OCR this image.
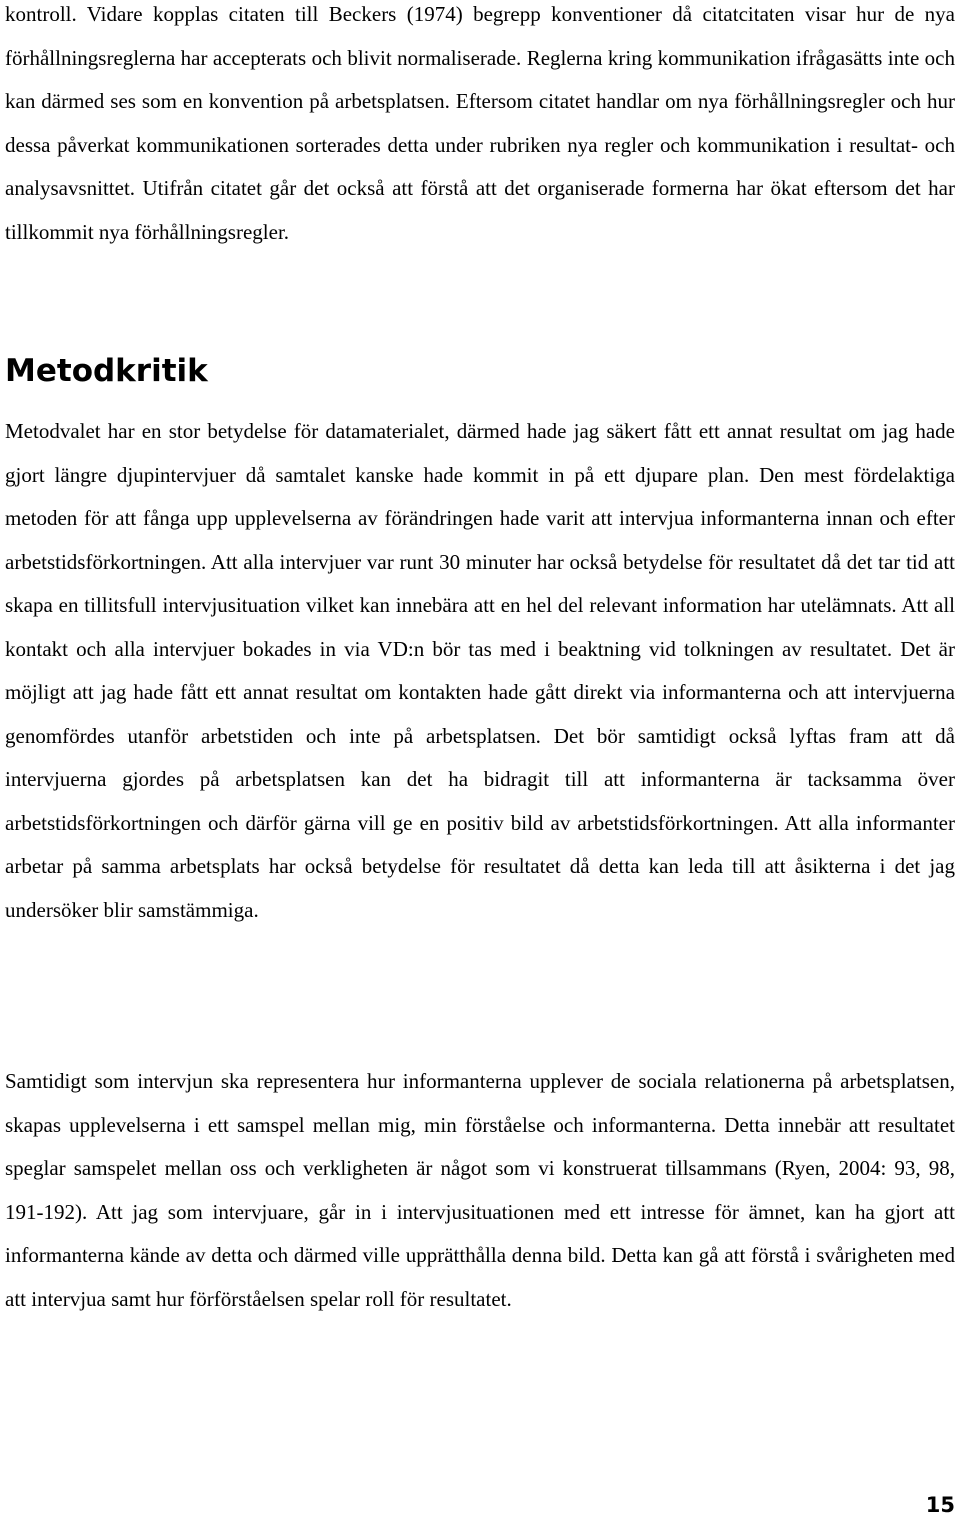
kontroll. Vidare kopplas citaten till Beckers (1974) begrepp konventioner då citatcitaten visar hur de nya förhållningsreglerna har accepterats och blivit normaliserade. Reglerna kring kommunikation ifrågasätts inte och kan därmed ses som en konvention på arbetsplatsen. Eftersom citatet handlar om nya förhållningsregler och hur dessa påverkat kommunikationen sorterades detta under rubriken nya regler och kommunikation i resultat- och analysavsnittet. Utifrån citatet går det också att förstå att det organiserade formerna har ökat eftersom det har tillkommit nya förhållningsregler.

Metodkritik

Metodvalet har en stor betydelse för datamaterialet, därmed hade jag säkert fått ett annat resultat om jag hade gjort längre djupintervjuer då samtalet kanske hade kommit in på ett djupare plan. Den mest fördelaktiga metoden för att fånga upp upplevelserna av förändringen hade varit att intervjua informanterna innan och efter arbetstidsförkortningen. Att alla intervjuer var runt 30 minuter har också betydelse för resultatet då det tar tid att skapa en tillitsfull intervjusituation vilket kan innebära att en hel del relevant information har utelämnats. Att all kontakt och alla intervjuer bokades in via VD:n bör tas med i beaktning vid tolkningen av resultatet. Det är möjligt att jag hade fått ett annat resultat om kontakten hade gått direkt via informanterna och att intervjuerna genomfördes utanför arbetstiden och inte på arbetsplatsen. Det bör samtidigt också lyftas fram att då intervjuerna gjordes på arbetsplatsen kan det ha bidragit till att informanterna är tacksamma över arbetstidsförkortningen och därför gärna vill ge en positiv bild av arbetstidsförkortningen. Att alla informanter arbetar på samma arbetsplats har också betydelse för resultatet då detta kan leda till att åsikterna i det jag undersöker blir samstämmiga.

Samtidigt som intervjun ska representera hur informanterna upplever de sociala relationerna på arbetsplatsen, skapas upplevelserna i ett samspel mellan mig, min förståelse och informanterna. Detta innebär att resultatet speglar samspelet mellan oss och verkligheten är något som vi konstruerat tillsammans (Ryen, 2004: 93, 98, 191-192). Att jag som intervjuare, går in i intervjusituationen med ett intresse för ämnet, kan ha gjort att informanterna kände av detta och därmed ville upprätthålla denna bild. Detta kan gå att förstå i svårigheten med att intervjua samt hur förförståelsen spelar roll för resultatet.

15
